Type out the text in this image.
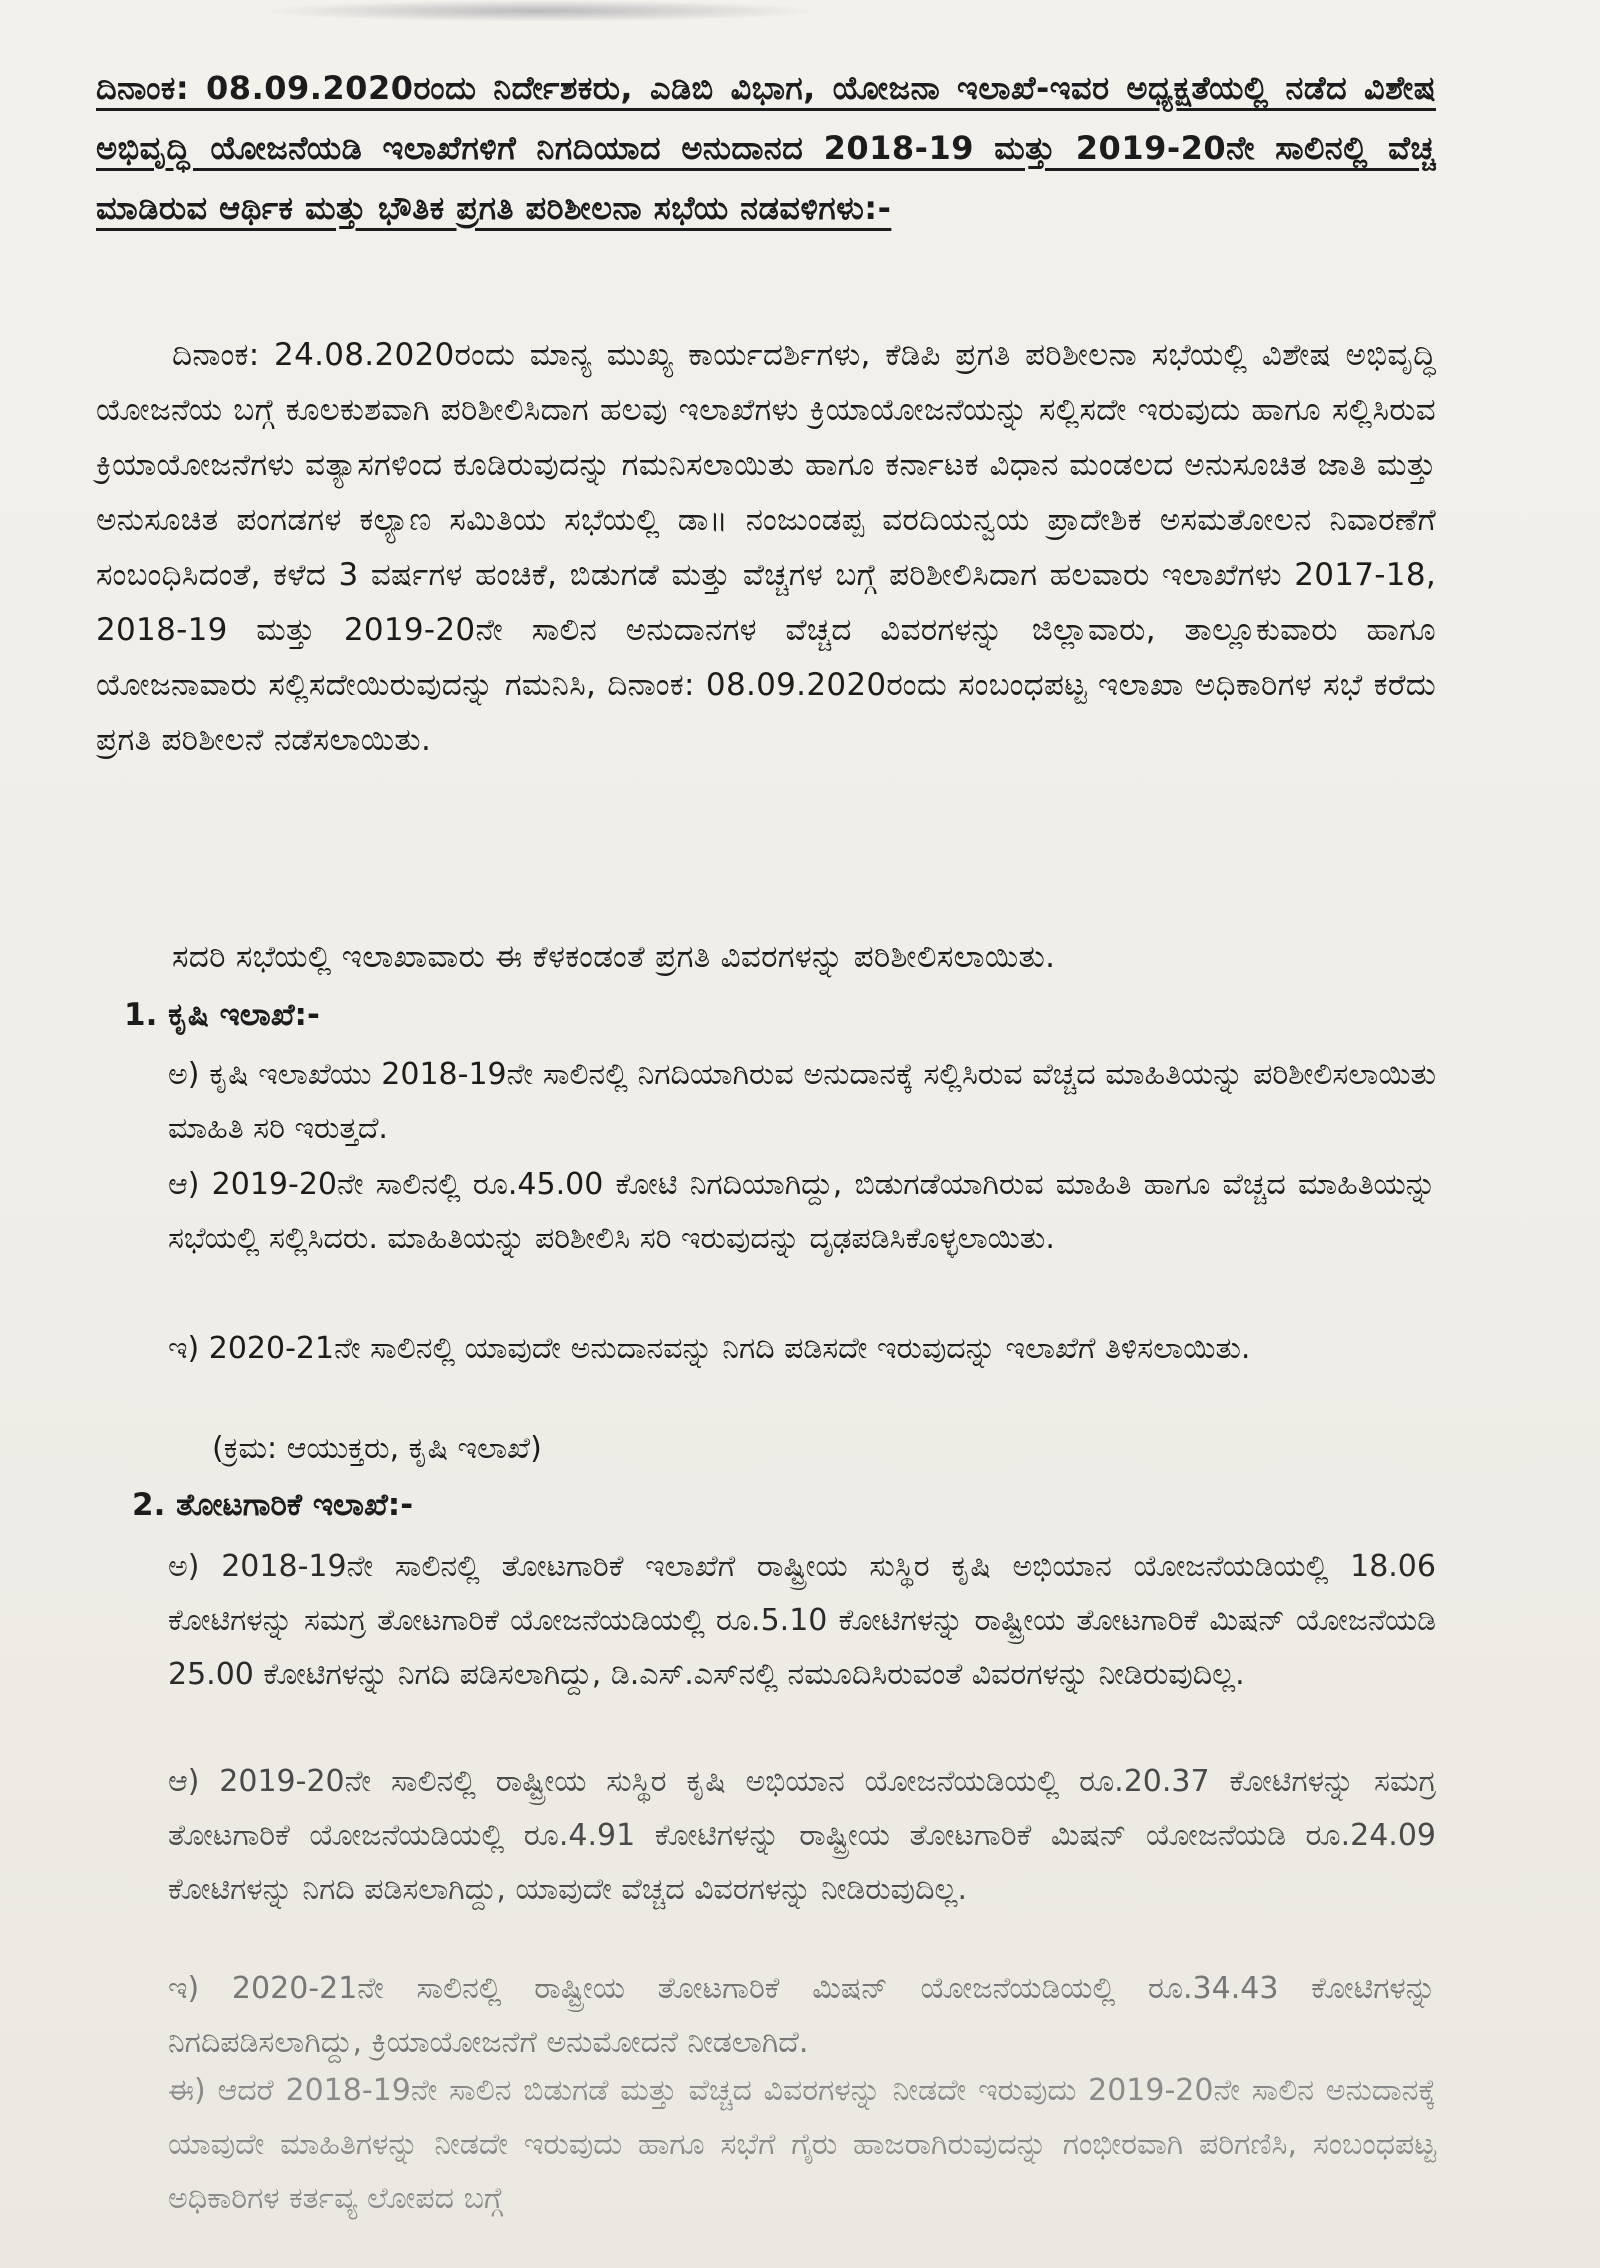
ದಿನಾಂಕ: 08.09.2020ರಂದು ನಿರ್ದೇಶಕರು, ಎಡಿಬಿ ವಿಭಾಗ, ಯೋಜನಾ ಇಲಾಖೆ-ಇವರ ಅಧ್ಯಕ್ಷತೆಯಲ್ಲಿ ನಡೆದ ವಿಶೇಷ ಅಭಿವೃದ್ಧಿ ಯೋಜನೆಯಡಿ ಇಲಾಖೆಗಳಿಗೆ ನಿಗದಿಯಾದ ಅನುದಾನದ 2018-19 ಮತ್ತು 2019-20ನೇ ಸಾಲಿನಲ್ಲಿ ವೆಚ್ಚ ಮಾಡಿರುವ ಆರ್ಥಿಕ ಮತ್ತು ಭೌತಿಕ ಪ್ರಗತಿ ಪರಿಶೀಲನಾ ಸಭೆಯ ನಡವಳಿಗಳು:-
ದಿನಾಂಕ: 24.08.2020ರಂದು ಮಾನ್ಯ ಮುಖ್ಯ ಕಾರ್ಯದರ್ಶಿಗಳು, ಕೆಡಿಪಿ ಪ್ರಗತಿ ಪರಿಶೀಲನಾ ಸಭೆಯಲ್ಲಿ ವಿಶೇಷ ಅಭಿವೃದ್ಧಿ ಯೋಜನೆಯ ಬಗ್ಗೆ ಕೂಲಕುಶವಾಗಿ ಪರಿಶೀಲಿಸಿದಾಗ ಹಲವು ಇಲಾಖೆಗಳು ಕ್ರಿಯಾಯೋಜನೆಯನ್ನು ಸಲ್ಲಿಸದೇ ಇರುವುದು ಹಾಗೂ ಸಲ್ಲಿಸಿರುವ ಕ್ರಿಯಾಯೋಜನೆಗಳು ವತ್ಯಾಸಗಳಿಂದ ಕೂಡಿರುವುದನ್ನು ಗಮನಿಸಲಾಯಿತು ಹಾಗೂ ಕರ್ನಾಟಕ ವಿಧಾನ ಮಂಡಲದ ಅನುಸೂಚಿತ ಜಾತಿ ಮತ್ತು ಅನುಸೂಚಿತ ಪಂಗಡಗಳ ಕಲ್ಯಾಣ ಸಮಿತಿಯ ಸಭೆಯಲ್ಲಿ ಡಾ॥ ನಂಜುಂಡಪ್ಪ ವರದಿಯನ್ವಯ ಪ್ರಾದೇಶಿಕ ಅಸಮತೋಲನ ನಿವಾರಣೆಗೆ ಸಂಬಂಧಿಸಿದಂತೆ, ಕಳೆದ 3 ವರ್ಷಗಳ ಹಂಚಿಕೆ, ಬಿಡುಗಡೆ ಮತ್ತು ವೆಚ್ಚಗಳ ಬಗ್ಗೆ ಪರಿಶೀಲಿಸಿದಾಗ ಹಲವಾರು ಇಲಾಖೆಗಳು 2017-18, 2018-19 ಮತ್ತು 2019-20ನೇ ಸಾಲಿನ ಅನುದಾನಗಳ ವೆಚ್ಚದ ವಿವರಗಳನ್ನು ಜಿಲ್ಲಾವಾರು, ತಾಲ್ಲೂಕುವಾರು ಹಾಗೂ ಯೋಜನಾವಾರು ಸಲ್ಲಿಸದೇಯಿರುವುದನ್ನು ಗಮನಿಸಿ, ದಿನಾಂಕ: 08.09.2020ರಂದು ಸಂಬಂಧಪಟ್ಟ ಇಲಾಖಾ ಅಧಿಕಾರಿಗಳ ಸಭೆ ಕರೆದು ಪ್ರಗತಿ ಪರಿಶೀಲನೆ ನಡೆಸಲಾಯಿತು.
ಸದರಿ ಸಭೆಯಲ್ಲಿ ಇಲಾಖಾವಾರು ಈ ಕೆಳಕಂಡಂತೆ ಪ್ರಗತಿ ವಿವರಗಳನ್ನು ಪರಿಶೀಲಿಸಲಾಯಿತು.
1. ಕೃಷಿ ಇಲಾಖೆ:-
ಅ) ಕೃಷಿ ಇಲಾಖೆಯು 2018-19ನೇ ಸಾಲಿನಲ್ಲಿ ನಿಗದಿಯಾಗಿರುವ ಅನುದಾನಕ್ಕೆ ಸಲ್ಲಿಸಿರುವ ವೆಚ್ಚದ ಮಾಹಿತಿಯನ್ನು ಪರಿಶೀಲಿಸಲಾಯಿತು ಮಾಹಿತಿ ಸರಿ ಇರುತ್ತದೆ.
ಆ) 2019-20ನೇ ಸಾಲಿನಲ್ಲಿ ರೂ.45.00 ಕೋಟಿ ನಿಗದಿಯಾಗಿದ್ದು, ಬಿಡುಗಡೆಯಾಗಿರುವ ಮಾಹಿತಿ ಹಾಗೂ ವೆಚ್ಚದ ಮಾಹಿತಿಯನ್ನು ಸಭೆಯಲ್ಲಿ ಸಲ್ಲಿಸಿದರು. ಮಾಹಿತಿಯನ್ನು ಪರಿಶೀಲಿಸಿ ಸರಿ ಇರುವುದನ್ನು ದೃಢಪಡಿಸಿಕೊಳ್ಳಲಾಯಿತು.
ಇ) 2020-21ನೇ ಸಾಲಿನಲ್ಲಿ ಯಾವುದೇ ಅನುದಾನವನ್ನು ನಿಗದಿ ಪಡಿಸದೇ ಇರುವುದನ್ನು ಇಲಾಖೆಗೆ ತಿಳಿಸಲಾಯಿತು.
(ಕ್ರಮ: ಆಯುಕ್ತರು, ಕೃಷಿ ಇಲಾಖೆ)
2. ತೋಟಗಾರಿಕೆ ಇಲಾಖೆ:-
ಅ) 2018-19ನೇ ಸಾಲಿನಲ್ಲಿ ತೋಟಗಾರಿಕೆ ಇಲಾಖೆಗೆ ರಾಷ್ಟ್ರೀಯ ಸುಸ್ಥಿರ ಕೃಷಿ ಅಭಿಯಾನ ಯೋಜನೆಯಡಿಯಲ್ಲಿ 18.06 ಕೋಟಿಗಳನ್ನು ಸಮಗ್ರ ತೋಟಗಾರಿಕೆ ಯೋಜನೆಯಡಿಯಲ್ಲಿ ರೂ.5.10 ಕೋಟಿಗಳನ್ನು ರಾಷ್ಟ್ರೀಯ ತೋಟಗಾರಿಕೆ ಮಿಷನ್ ಯೋಜನೆಯಡಿ 25.00 ಕೋಟಿಗಳನ್ನು ನಿಗದಿ ಪಡಿಸಲಾಗಿದ್ದು, ಡಿ.ಎಸ್.ಎಸ್‌ನಲ್ಲಿ ನಮೂದಿಸಿರುವಂತೆ ವಿವರಗಳನ್ನು ನೀಡಿರುವುದಿಲ್ಲ.
ಆ) 2019-20ನೇ ಸಾಲಿನಲ್ಲಿ ರಾಷ್ಟ್ರೀಯ ಸುಸ್ಥಿರ ಕೃಷಿ ಅಭಿಯಾನ ಯೋಜನೆಯಡಿಯಲ್ಲಿ ರೂ.20.37 ಕೋಟಿಗಳನ್ನು ಸಮಗ್ರ ತೋಟಗಾರಿಕೆ ಯೋಜನೆಯಡಿಯಲ್ಲಿ ರೂ.4.91 ಕೋಟಿಗಳನ್ನು ರಾಷ್ಟ್ರೀಯ ತೋಟಗಾರಿಕೆ ಮಿಷನ್ ಯೋಜನೆಯಡಿ ರೂ.24.09 ಕೋಟಿಗಳನ್ನು ನಿಗದಿ ಪಡಿಸಲಾಗಿದ್ದು, ಯಾವುದೇ ವೆಚ್ಚದ ವಿವರಗಳನ್ನು ನೀಡಿರುವುದಿಲ್ಲ.
ಇ) 2020-21ನೇ ಸಾಲಿನಲ್ಲಿ ರಾಷ್ಟ್ರೀಯ ತೋಟಗಾರಿಕೆ ಮಿಷನ್ ಯೋಜನೆಯಡಿಯಲ್ಲಿ ರೂ.34.43 ಕೋಟಿಗಳನ್ನು ನಿಗದಿಪಡಿಸಲಾಗಿದ್ದು, ಕ್ರಿಯಾಯೋಜನೆಗೆ ಅನುಮೋದನೆ ನೀಡಲಾಗಿದೆ.
ಈ) ಆದರೆ 2018-19ನೇ ಸಾಲಿನ ಬಿಡುಗಡೆ ಮತ್ತು ವೆಚ್ಚದ ವಿವರಗಳನ್ನು ನೀಡದೇ ಇರುವುದು 2019-20ನೇ ಸಾಲಿನ ಅನುದಾನಕ್ಕೆ ಯಾವುದೇ ಮಾಹಿತಿಗಳನ್ನು ನೀಡದೇ ಇರುವುದು ಹಾಗೂ ಸಭೆಗೆ ಗೈರು ಹಾಜರಾಗಿರುವುದನ್ನು ಗಂಭೀರವಾಗಿ ಪರಿಗಣಿಸಿ, ಸಂಬಂಧಪಟ್ಟ ಅಧಿಕಾರಿಗಳ ಕರ್ತವ್ಯ ಲೋಪದ ಬಗ್ಗೆ
